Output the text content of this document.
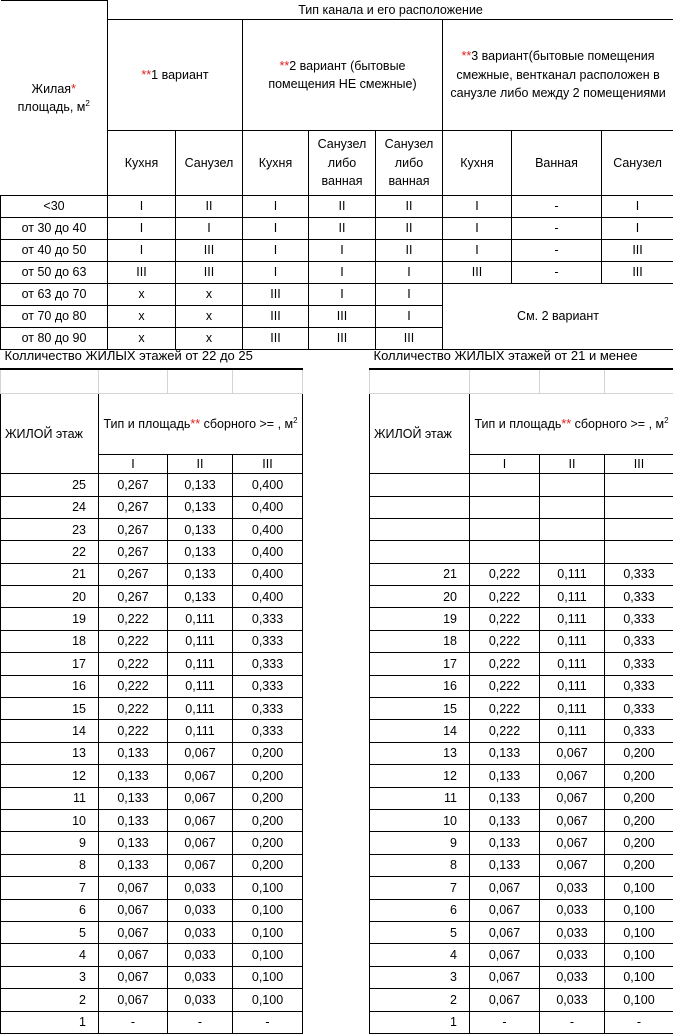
Жилая*
площадь, $м^2$	Тип канала и его расположение							
	**1 вариант		**2 вариант (бытовые помещения НЕ смежные)			**3 вариант(бытовые помещения смежные, вентканал расположен в санузле либо между 2 помещениями		
	Кухня	Санузел	Кухня	Санузел либо ванная	Санузел либо ванная	Кухня	Ванная	Санузел
<30	I	II	I	II	II	I	-	I
от 30 до 40	I	I	I	II	II	I	-	I
от 40 до 50	I	III	I	I	II	I	-	III
от 50 до 63	III	III	I	I	I	III	-	III
от 63 до 70	x	x	III	I	I	См. 2 вариант		
от 70 до 80	x	x	III	III	I			
от 80 до 90	x	x	III	III	III			
Колличество ЖИЛЫХ этажей от 22 до 25			

ЖИЛОЙ этаж	Тип и площадь** сборного >= , $м^2$
	I	II	III
25	0,267	0,133	0,400
24	0,267	0,133	0,400
23	0,267	0,133	0,400
22	0,267	0,133	0,400
21	0,267	0,133	0,400
20	0,267	0,133	0,400
19	0,222	0,111	0,333
18	0,222	0,111	0,333
17	0,222	0,111	0,333
16	0,222	0,111	0,333
15	0,222	0,111	0,333
14	0,222	0,111	0,333
13	0,133	0,067	0,200
12	0,133	0,067	0,200
11	0,133	0,067	0,200
10	0,133	0,067	0,200
9	0,133	0,067	0,200
8	0,133	0,067	0,200
7	0,067	0,033	0,100
6	0,067	0,033	0,100
5	0,067	0,033	0,100
4	0,067	0,033	0,100
3	0,067	0,033	0,100
2	0,067	0,033	0,100
1	-	-	-
Колличество ЖИЛЫХ этажей от 21 и менее			

ЖИЛОЙ этаж	Тип и площадь** сборного >= , $м^2$
	I	II	III

21	0,222	0,111	0,333
20	0,222	0,111	0,333
19	0,222	0,111	0,333
18	0,222	0,111	0,333
17	0,222	0,111	0,333
16	0,222	0,111	0,333
15	0,222	0,111	0,333
14	0,222	0,111	0,333
13	0,133	0,067	0,200
12	0,133	0,067	0,200
11	0,133	0,067	0,200
10	0,133	0,067	0,200
9	0,133	0,067	0,200
8	0,133	0,067	0,200
7	0,067	0,033	0,100
6	0,067	0,033	0,100
5	0,067	0,033	0,100
4	0,067	0,033	0,100
3	0,067	0,033	0,100
2	0,067	0,033	0,100
1	-	-	-
